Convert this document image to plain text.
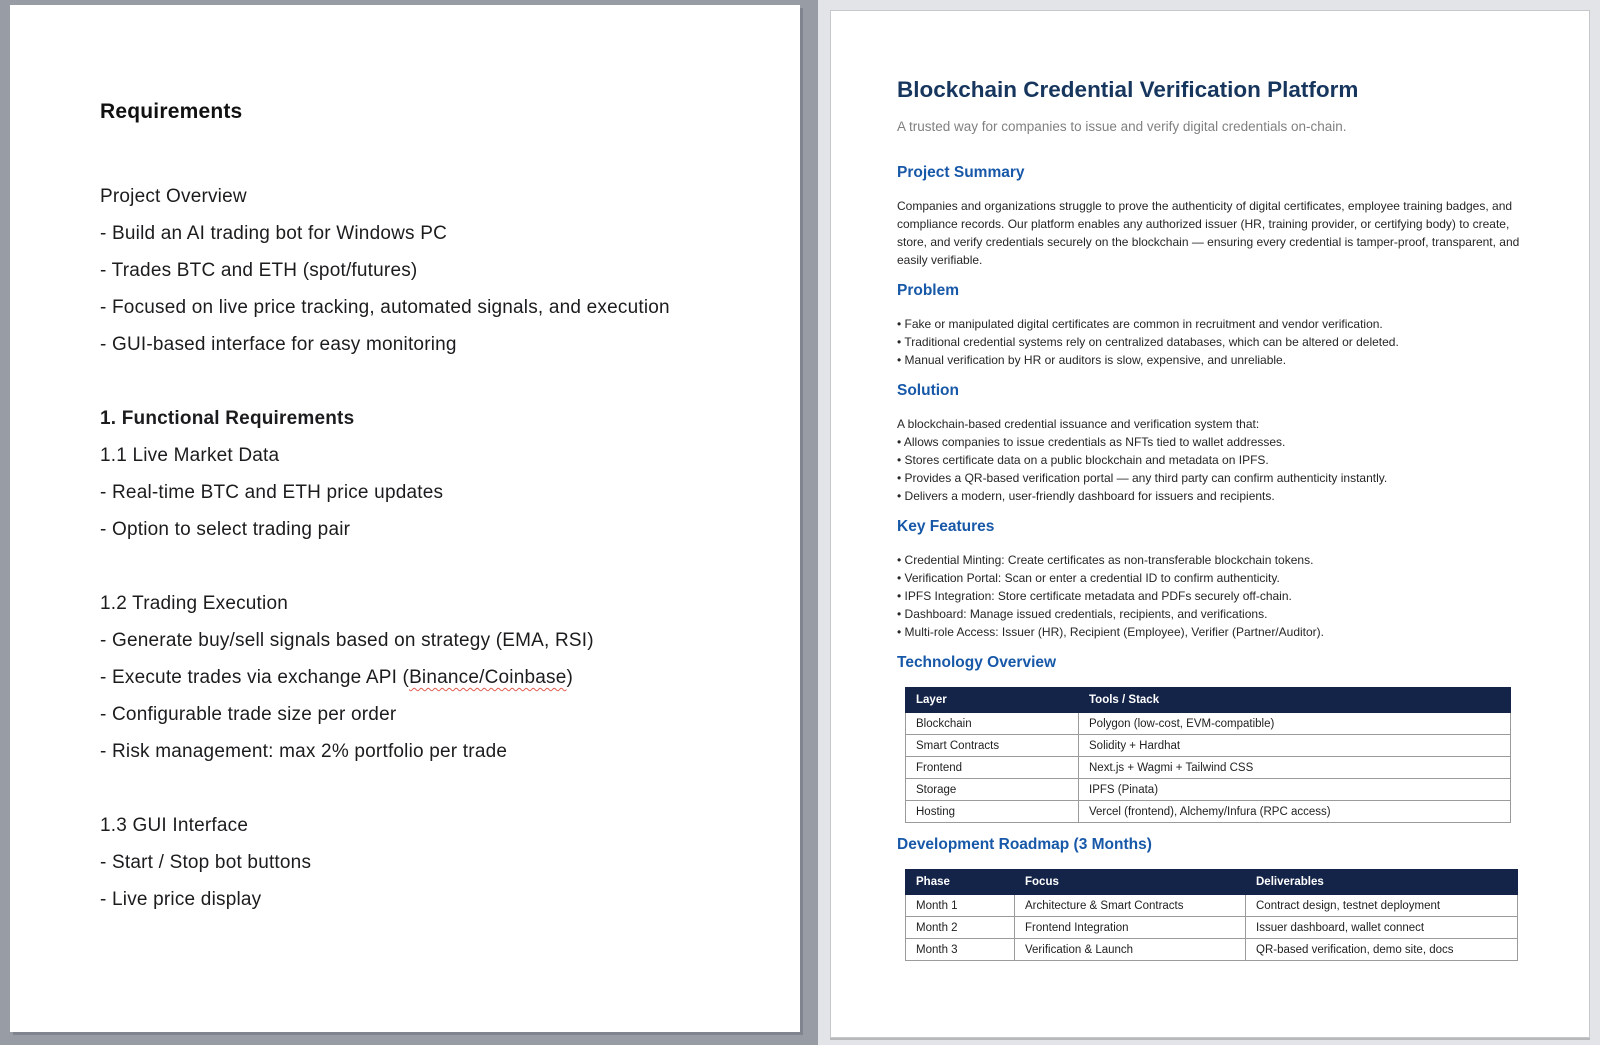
Requirements

Project Overview

- Build an AI trading bot for Windows PC

- Trades BTC and ETH (spot/futures)

- Focused on live price tracking, automated signals, and execution

- GUI-based interface for easy monitoring

1. Functional Requirements

1.1 Live Market Data

- Real-time BTC and ETH price updates

- Option to select trading pair

1.2 Trading Execution

- Generate buy/sell signals based on strategy (EMA, RSI)

- Execute trades via exchange API (Binance/Coinbase)

- Configurable trade size per order

- Risk management: max 2% portfolio per trade

1.3 GUI Interface

- Start / Stop bot buttons

- Live price display

Blockchain Credential Verification Platform

A trusted way for companies to issue and verify digital credentials on-chain.

Project Summary

Companies and organizations struggle to prove the authenticity of digital certificates, employee training badges, and compliance records. Our platform enables any authorized issuer (HR, training provider, or certifying body) to create, store, and verify credentials securely on the blockchain — ensuring every credential is tamper-proof, transparent, and easily verifiable.

Problem

• Fake or manipulated digital certificates are common in recruitment and vendor verification.

• Traditional credential systems rely on centralized databases, which can be altered or deleted.

• Manual verification by HR or auditors is slow, expensive, and unreliable.

Solution

A blockchain-based credential issuance and verification system that:

• Allows companies to issue credentials as NFTs tied to wallet addresses.

• Stores certificate data on a public blockchain and metadata on IPFS.

• Provides a QR-based verification portal — any third party can confirm authenticity instantly.

• Delivers a modern, user-friendly dashboard for issuers and recipients.

Key Features

• Credential Minting: Create certificates as non-transferable blockchain tokens.

• Verification Portal: Scan or enter a credential ID to confirm authenticity.

• IPFS Integration: Store certificate metadata and PDFs securely off-chain.

• Dashboard: Manage issued credentials, recipients, and verifications.

• Multi-role Access: Issuer (HR), Recipient (Employee), Verifier (Partner/Auditor).

Technology Overview

Layer	Tools / Stack
Blockchain	Polygon (low-cost, EVM-compatible)
Smart Contracts	Solidity + Hardhat
Frontend	Next.js + Wagmi + Tailwind CSS
Storage	IPFS (Pinata)
Hosting	Vercel (frontend), Alchemy/Infura (RPC access)

Development Roadmap (3 Months)

Phase	Focus	Deliverables
Month 1	Architecture & Smart Contracts	Contract design, testnet deployment
Month 2	Frontend Integration	Issuer dashboard, wallet connect
Month 3	Verification & Launch	QR-based verification, demo site, docs
